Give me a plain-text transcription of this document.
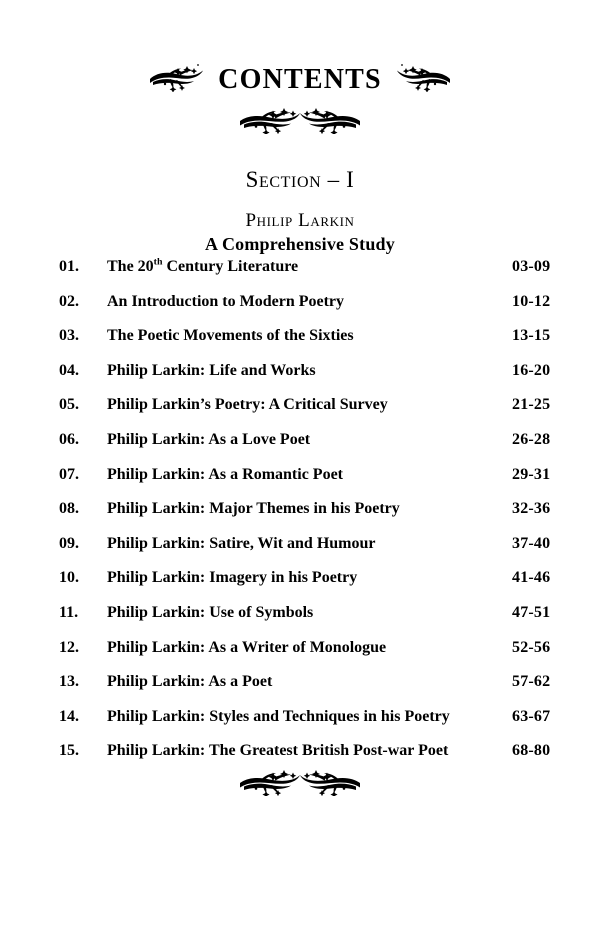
CONTENTS
Section – I
Philip Larkin
A Comprehensive Study
01.	The 20th Century Literature	03-09
02.	An Introduction to Modern Poetry	10-12
03.	The Poetic Movements of the Sixties	13-15
04.	Philip Larkin: Life and Works	16-20
05.	Philip Larkin’s Poetry: A Critical Survey	21-25
06.	Philip Larkin: As a Love Poet	26-28
07.	Philip Larkin: As a Romantic Poet	29-31
08.	Philip Larkin: Major Themes in his Poetry	32-36
09.	Philip Larkin: Satire, Wit and Humour	37-40
10.	Philip Larkin: Imagery in his Poetry	41-46
11.	Philip Larkin: Use of Symbols	47-51
12.	Philip Larkin: As a Writer of Monologue	52-56
13.	Philip Larkin: As a Poet	57-62
14.	Philip Larkin: Styles and Techniques in his Poetry	63-67
15.	Philip Larkin: The Greatest British Post-war Poet	68-80
